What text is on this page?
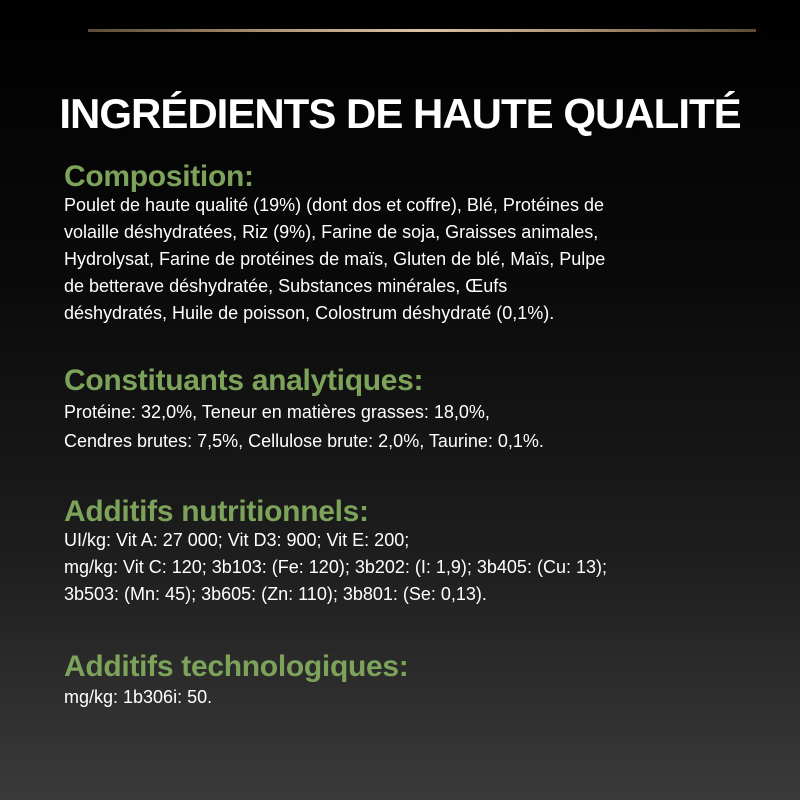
INGRÉDIENTS DE HAUTE QUALITÉ
Composition:

Poulet de haute qualité (19%) (dont dos et coffre), Blé, Protéines de
volaille déshydratées, Riz (9%), Farine de soja, Graisses animales,
Hydrolysat, Farine de protéines de maïs, Gluten de blé, Maïs, Pulpe
de betterave déshydratée, Substances minérales, Œufs
déshydratés, Huile de poisson, Colostrum déshydraté (0,1%).

Constituants analytiques:

Protéine: 32,0%, Teneur en matières grasses: 18,0%,
Cendres brutes: 7,5%, Cellulose brute: 2,0%, Taurine: 0,1%.

Additifs nutritionnels:

UI/kg: Vit A: 27 000; Vit D3: 900; Vit E: 200;
mg/kg: Vit C: 120; 3b103: (Fe: 120); 3b202: (I: 1,9); 3b405: (Cu: 13);
3b503: (Mn: 45); 3b605: (Zn: 110); 3b801: (Se: 0,13).

Additifs technologiques:

mg/kg: 1b306i: 50.
